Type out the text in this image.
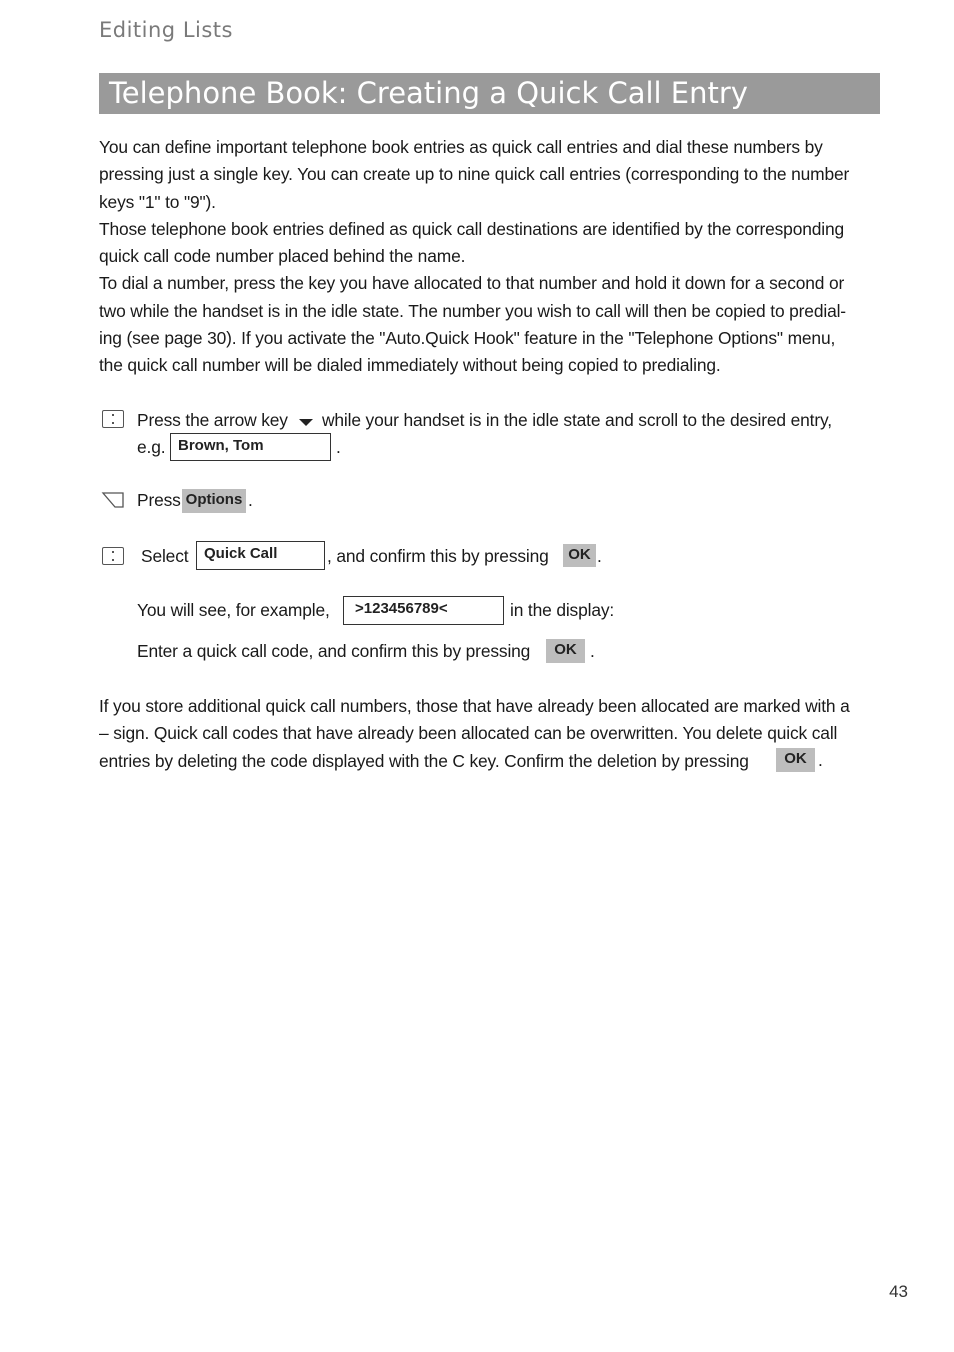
Editing Lists
Telephone Book: Creating a Quick Call Entry

You can define important telephone book entries as quick call entries and dial these numbers by

pressing just a single key. You can create up to nine quick call entries (corresponding to the number

keys "1" to "9").

Those telephone book entries defined as quick call destinations are identified by the corresponding

quick call code number placed behind the name.

To dial a number, press the key you have allocated to that number and hold it down for a second or

two while the handset is in the idle state. The number you wish to call will then be copied to predial-

ing (see page 30). If you activate the "Auto.Quick Hook" feature in the "Telephone Options" menu,

the quick call number will be dialed immediately without being copied to predialing.

Press the arrow key while your handset is in the idle state and scroll to the desired entry,
e.g. Brown, Tom	.
Press Options .
Select	Quick Call	, and confirm this by pressing	OK .
You will see, for example,	>123456789<	in the display:
Enter a quick call code, and confirm this by pressing	OK .

If you store additional quick call numbers, those that have already been allocated are marked with a

– sign. Quick call codes that have already been allocated can be overwritten. You delete quick call

entries by deleting the code displayed with the C key. Confirm the deletion by pressing	OK .
43
